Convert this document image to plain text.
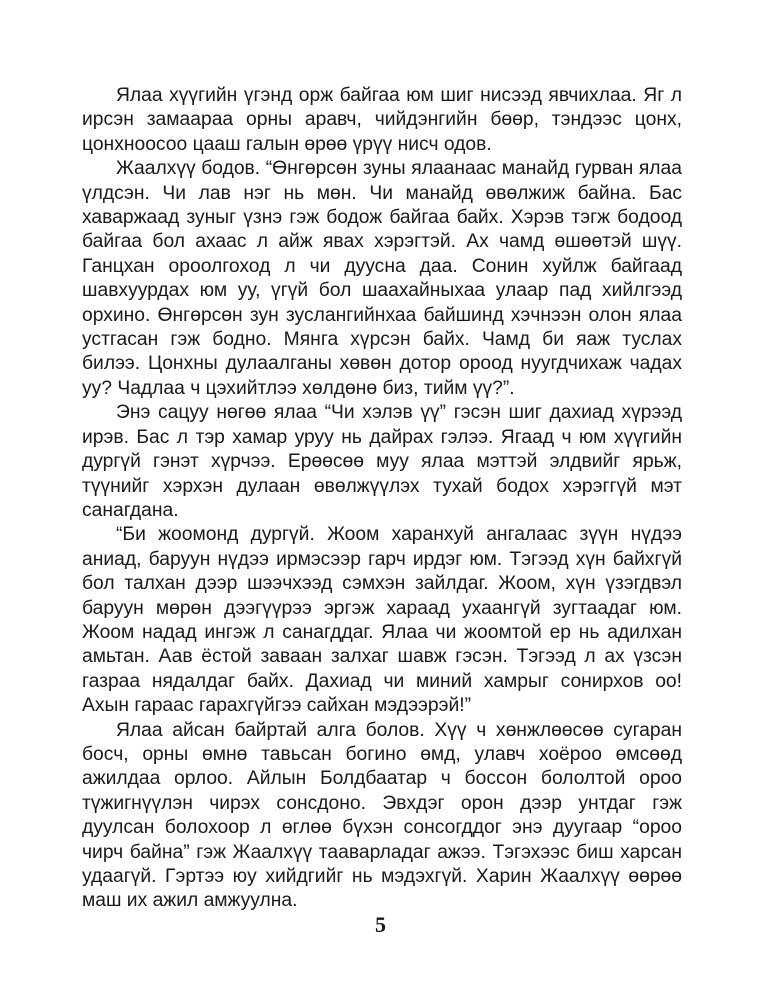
Ялаа хүүгийн үгэнд орж байгаа юм шиг нисээд явчихлаа. Яг л ирсэн замаараа орны аравч, чийдэнгийн бөөр, тэндээс цонх, цонхноосоо цааш галын өрөө үрүү нисч одов.

Жаалхүү бодов. “Өнгөрсөн зуны ялаанаас манайд гурван ялаа үлдсэн. Чи лав нэг нь мөн. Чи манайд өвөлжиж байна. Бас хаваржаад зуныг үзнэ гэж бодож байгаа байх. Хэрэв тэгж бодоод байгаа бол ахаас л айж явах хэрэгтэй. Ах чамд өшөөтэй шүү. Ганцхан ороолгоход л чи дуусна даа. Сонин хуйлж байгаад шавхуурдах юм уу, үгүй бол шаахайныхаа улаар пад хийлгээд орхино. Өнгөрсөн зун зуслангийнхаа байшинд хэчнээн олон ялаа устгасан гэж бодно. Мянга хүрсэн байх. Чамд би яаж туслах билээ. Цонхны дулаалганы хөвөн дотор ороод нуугдчихаж чадах уу? Чадлаа ч цэхийтлээ хөлдөнө биз, тийм үү?”.

Энэ сацуу нөгөө ялаа “Чи хэлэв үү” гэсэн шиг дахиад хүрээд ирэв. Бас л тэр хамар уруу нь дайрах гэлээ. Ягаад ч юм хүүгийн дургүй гэнэт хүрчээ. Ерөөсөө муу ялаа мэттэй элдвийг ярьж, түүнийг хэрхэн дулаан өвөлжүүлэх тухай бодох хэрэггүй мэт санагдана.

“Би жоомонд дургүй. Жоом харанхуй ангалаас зүүн нүдээ аниад, баруун нүдээ ирмэсээр гарч ирдэг юм. Тэгээд хүн байхгүй бол талхан дээр шээчхээд сэмхэн зайлдаг. Жоом, хүн үзэгдвэл баруун мөрөн дээгүүрээ эргэж хараад ухаангүй зугтаадаг юм. Жоом надад ингэж л санагддаг. Ялаа чи жоомтой ер нь адилхан амьтан. Аав ёстой заваан залхаг шавж гэсэн. Тэгээд л ах үзсэн газраа нядалдаг байх. Дахиад чи миний хамрыг сонирхов оо! Ахын гараас гарахгүйгээ сайхан мэдээрэй!”

Ялаа айсан байртай алга болов. Хүү ч хөнжлөөсөө сугаран босч, орны өмнө тавьсан богино өмд, улавч хоёроо өмсөөд ажилдаа орлоо. Айлын Болдбаатар ч боссон бололтой ороо түжигнүүлэн чирэх сонсдоно. Эвхдэг орон дээр унтдаг гэж дуулсан болохоор л өглөө бүхэн сонсогддог энэ дуугаар “ороо чирч байна” гэж Жаалхүү тааварладаг ажээ. Тэгэхээс биш харсан удаагүй. Гэртээ юу хийдгийг нь мэдэхгүй. Харин Жаалхүү өөрөө маш их ажил амжуулна.

5
